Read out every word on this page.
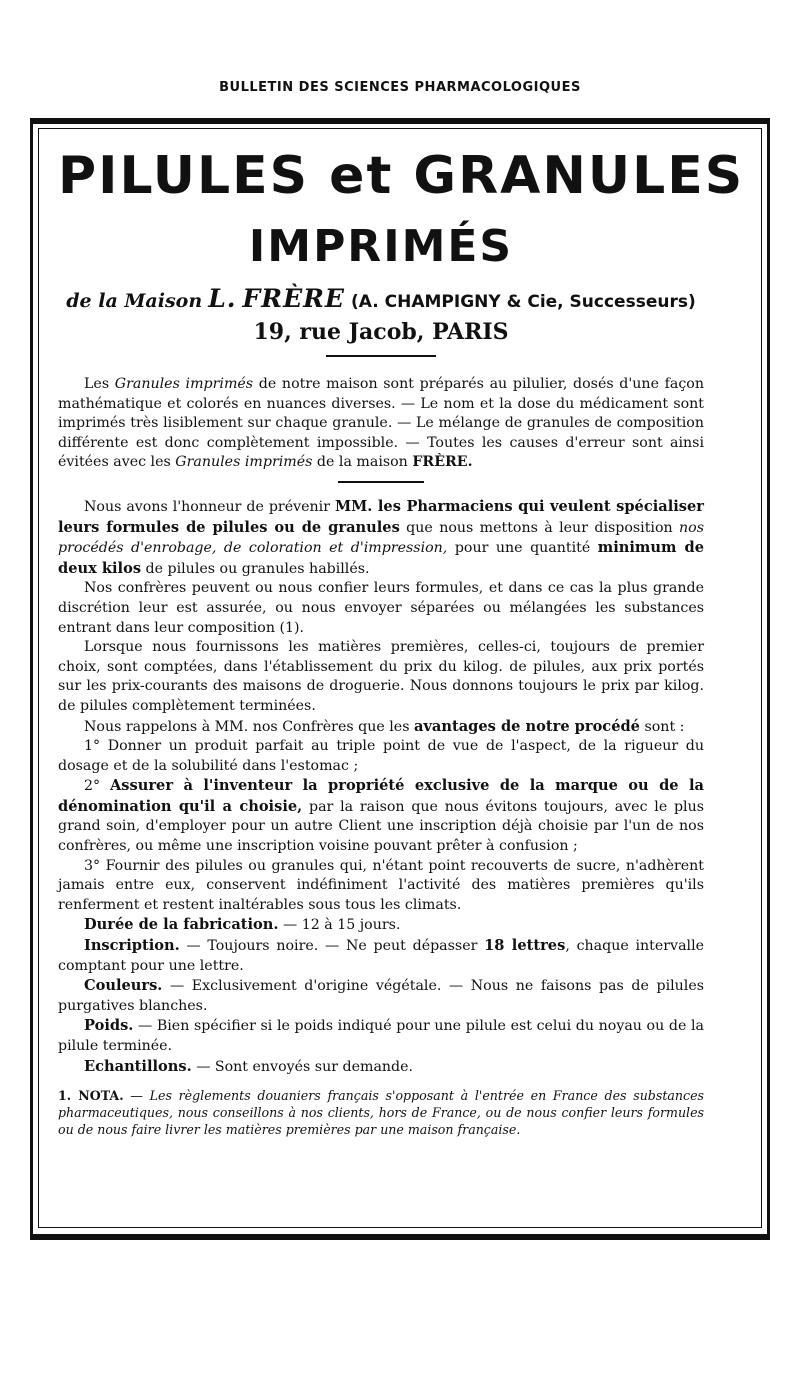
BULLETIN DES SCIENCES PHARMACOLOGIQUES
PILULES et GRANULES
IMPRIMÉS
de la Maison L. FRÈRE (A. CHAMPIGNY & Cie, Successeurs)
19, rue Jacob, PARIS

Les Granules imprimés de notre maison sont préparés au pilulier, dosés d'une façon mathématique et colorés en nuances diverses. — Le nom et la dose du médicament sont imprimés très lisiblement sur chaque granule. — Le mélange de granules de composition différente est donc complètement impossible. — Toutes les causes d'erreur sont ainsi évitées avec les Granules imprimés de la maison FRÈRE.

Nous avons l'honneur de prévenir MM. les Pharmaciens qui veulent spécialiser leurs formules de pilules ou de granules que nous mettons à leur disposition nos procédés d'enrobage, de coloration et d'impression, pour une quantité minimum de deux kilos de pilules ou granules habillés.

Nos confrères peuvent ou nous confier leurs formules, et dans ce cas la plus grande discrétion leur est assurée, ou nous envoyer séparées ou mélangées les substances entrant dans leur composition (1).

Lorsque nous fournissons les matières premières, celles-ci, toujours de premier choix, sont comptées, dans l'établissement du prix du kilog. de pilules, aux prix portés sur les prix-courants des maisons de droguerie. Nous donnons toujours le prix par kilog. de pilules complètement terminées.

Nous rappelons à MM. nos Confrères que les avantages de notre procédé sont :

1° Donner un produit parfait au triple point de vue de l'aspect, de la rigueur du dosage et de la solubilité dans l'estomac ;

2° Assurer à l'inventeur la propriété exclusive de la marque ou de la dénomination qu'il a choisie, par la raison que nous évitons toujours, avec le plus grand soin, d'employer pour un autre Client une inscription déjà choisie par l'un de nos confrères, ou même une inscription voisine pouvant prêter à confusion ;

3° Fournir des pilules ou granules qui, n'étant point recouverts de sucre, n'adhèrent jamais entre eux, conservent indéfiniment l'activité des matières premières qu'ils renferment et restent inaltérables sous tous les climats.

Durée de la fabrication. — 12 à 15 jours.

Inscription. — Toujours noire. — Ne peut dépasser 18 lettres, chaque intervalle comptant pour une lettre.

Couleurs. — Exclusivement d'origine végétale. — Nous ne faisons pas de pilules purgatives blanches.

Poids. — Bien spécifier si le poids indiqué pour une pilule est celui du noyau ou de la pilule terminée.

Echantillons. — Sont envoyés sur demande.

1. NOTA. — Les règlements douaniers français s'opposant à l'entrée en France des substances pharmaceutiques, nous conseillons à nos clients, hors de France, ou de nous confier leurs formules ou de nous faire livrer les matières premières par une maison française.
